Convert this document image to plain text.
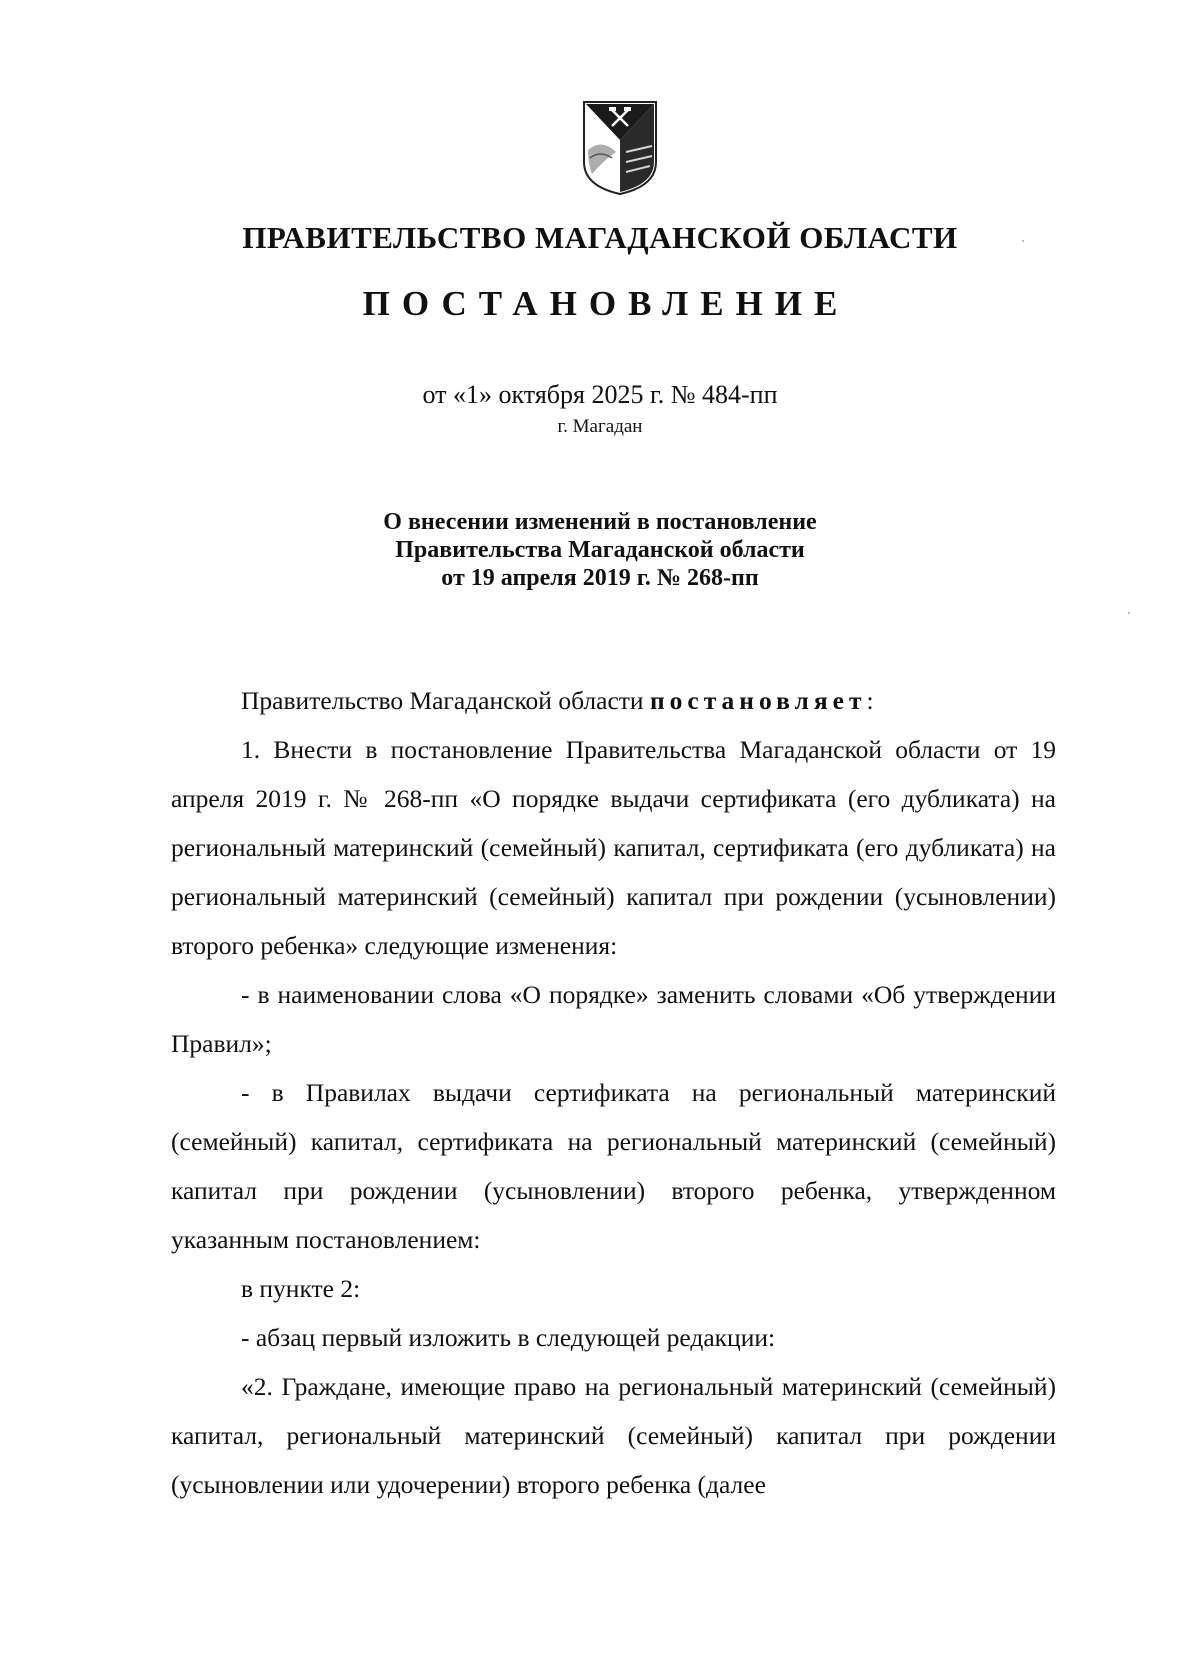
ПРАВИТЕЛЬСТВО МАГАДАНСКОЙ ОБЛАСТИ
ПОСТАНОВЛЕНИЕ
от «1» октября 2025 г. № 484-пп
г. Магадан
О внесении изменений в постановление
Правительства Магаданской области
от 19 апреля 2019 г. № 268-пп

Правительство Магаданской области постановляет:

1. Внести в постановление Правительства Магаданской области от 19 апреля 2019 г. № 268-пп «О порядке выдачи сертификата (его дубликата) на региональный материнский (семейный) капитал, сертификата (его дубликата) на региональный материнский (семейный) капитал при рождении (усыновлении) второго ребенка» следующие изменения:

- в наименовании слова «О порядке» заменить словами «Об утверждении Правил»;

- в Правилах выдачи сертификата на региональный материнский (семейный) капитал, сертификата на региональный материнский (семейный) капитал при рождении (усыновлении) второго ребенка, утвержденном указанным постановлением:

в пункте 2:

- абзац первый изложить в следующей редакции:

«2. Граждане, имеющие право на региональный материнский (семейный) капитал, региональный материнский (семейный) капитал при рождении (усыновлении или удочерении) второго ребенка (далее
